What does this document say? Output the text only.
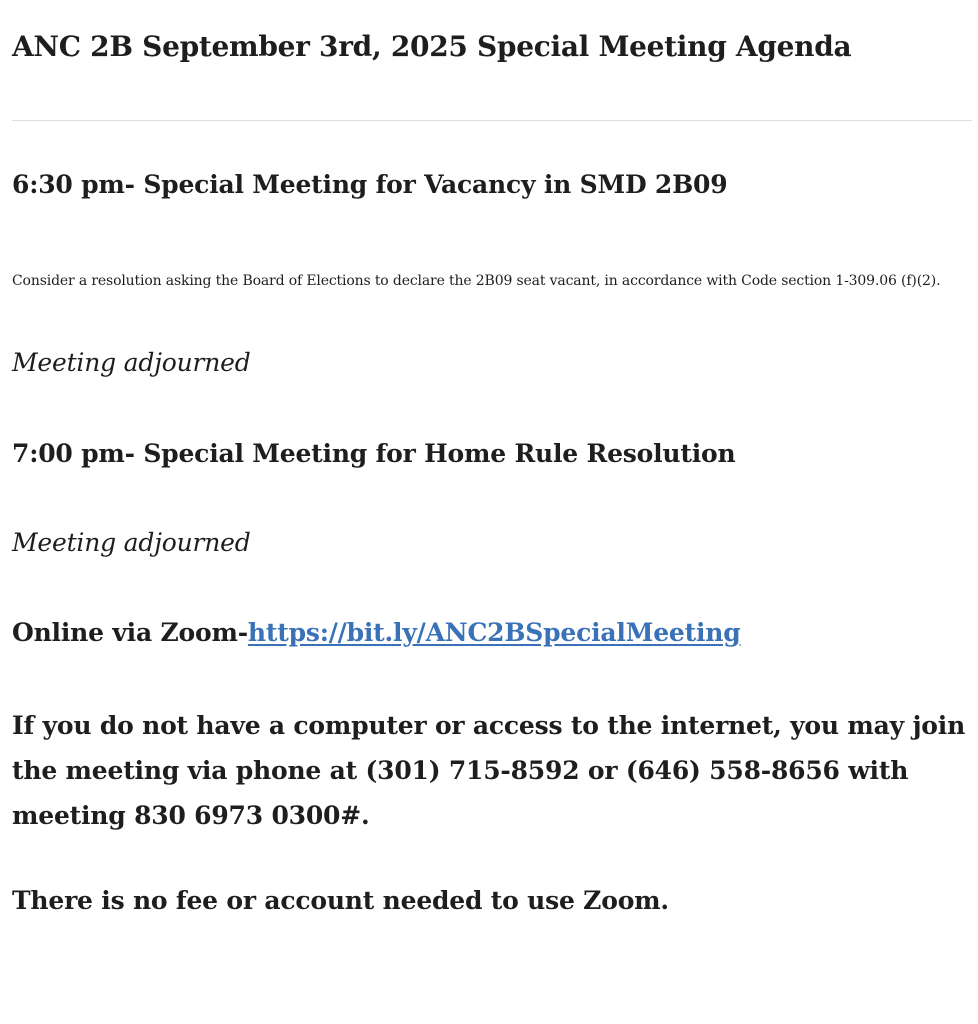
ANC 2B September 3rd, 2025 Special Meeting Agenda
6:30 pm- Special Meeting for Vacancy in SMD 2B09

Consider a resolution asking the Board of Elections to declare the 2B09 seat vacant, in accordance with Code section 1-309.06 (f)(2).

Meeting adjourned

7:00 pm- Special Meeting for Home Rule Resolution

Meeting adjourned

Online via Zoom-https://bit.ly/ANC2BSpecialMeeting

If you do not have a computer or access to the internet, you may join the meeting via phone at (301) 715-8592 or (646) 558-8656 with meeting 830 6973 0300#.

There is no fee or account needed to use Zoom.
